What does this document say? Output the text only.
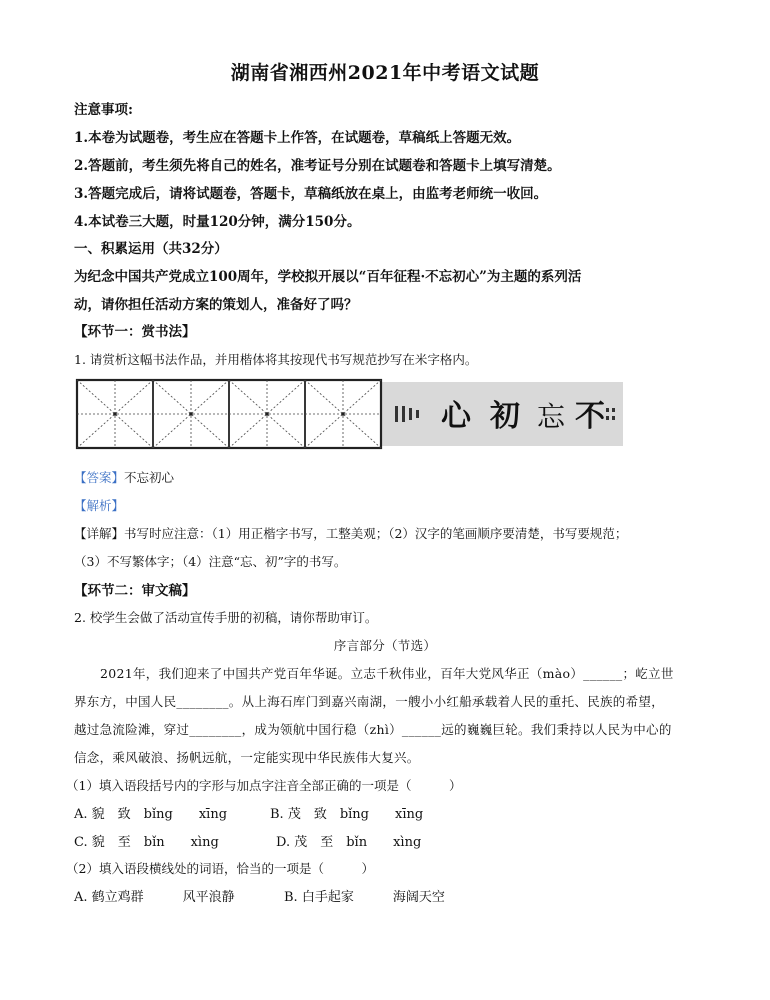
湖南省湘西州2021年中考语文试题
注意事项:
1.本卷为试题卷，考生应在答题卡上作答，在试题卷，草稿纸上答题无效。
2.答题前，考生须先将自己的姓名，准考证号分别在试题卷和答题卡上填写清楚。
3.答题完成后，请将试题卷，答题卡，草稿纸放在桌上，由监考老师统一收回。
4.本试卷三大题，时量120分钟，满分150分。
一、积累运用（共32分）
为纪念中国共产党成立100周年，学校拟开展以“百年征程·不忘初心”为主题的系列活
动，请你担任活动方案的策划人，准备好了吗？
【环节一：赏书法】
1. 请赏析这幅书法作品，并用楷体将其按现代书写规范抄写在米字格内。
心 初 忘 不
【答案】不忘初心
【解析】
【详解】书写时应注意：（1）用正楷字书写，工整美观；（2）汉字的笔画顺序要清楚，书写要规范；
（3）不写繁体字；（4）注意“忘、初”字的书写。
【环节二：审文稿】
2. 校学生会做了活动宣传手册的初稿，请你帮助审订。
序言部分（节选）
2021年，我们迎来了中国共产党百年华诞。立志千秋伟业，百年大党风华正（mào）______；屹立世
界东方，中国人民________。从上海石库门到嘉兴南湖，一艘小小红船承载着人民的重托、民族的希望，
越过急流险滩，穿过________，成为领航中国行稳（zhì）______远的巍巍巨轮。我们秉持以人民为中心的
信念，乘风破浪、扬帆远航，一定能实现中华民族伟大复兴。
（1）填入语段括号内的字形与加点字注音全部正确的一项是（　　　）
A. 貌　致　bǐng　　xīng	B. 茂　致　bǐng　　xīng
C. 貌　至　bǐn　　xìng	D. 茂　至　bǐn　　xìng
（2）填入语段横线处的词语，恰当的一项是（　　　）
A. 鹤立鸡群　　　风平浪静	B. 白手起家　　　海阔天空
